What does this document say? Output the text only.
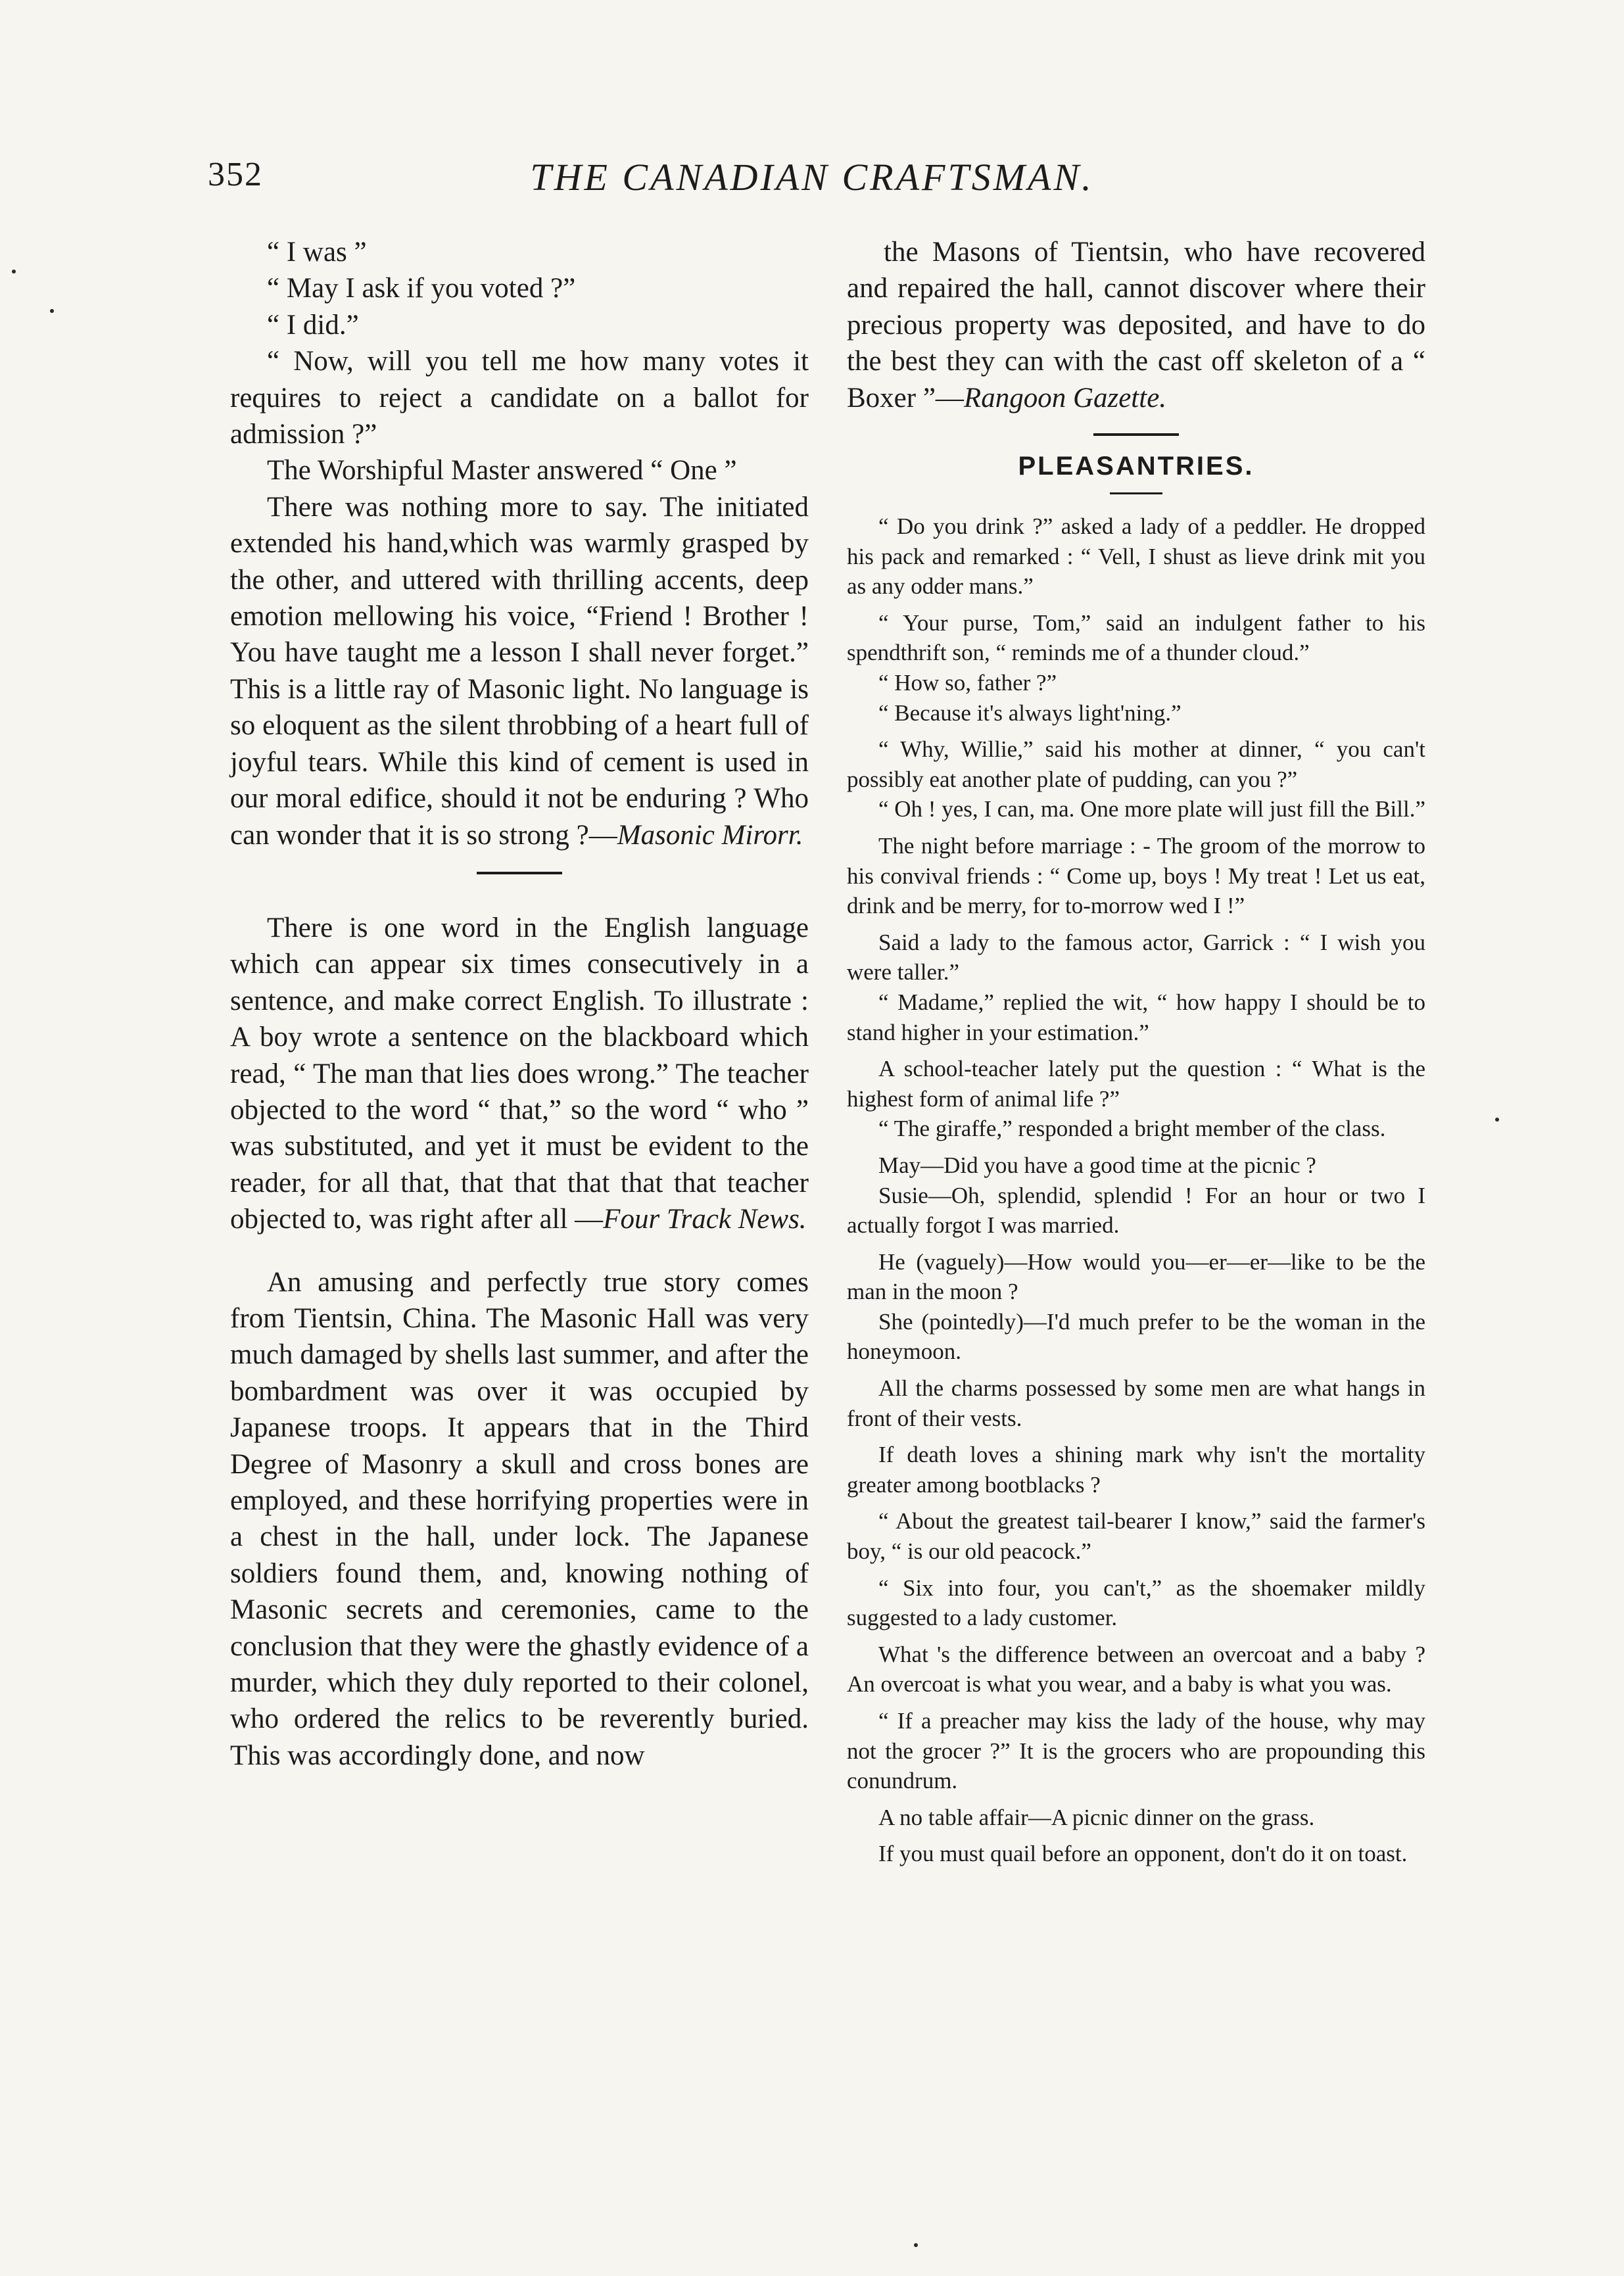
352	THE CANADIAN CRAFTSMAN.

“ I was ”

“ May I ask if you voted ?”

“ I did.”

“ Now, will you tell me how many votes it requires to reject a candidate on a ballot for admission ?”

The Worshipful Master answered “ One ”

There was nothing more to say. The initiated extended his hand,which was warmly grasped by the other, and uttered with thrilling accents, deep emotion mellowing his voice, “Friend ! Brother ! You have taught me a lesson I shall never forget.” This is a little ray of Masonic light. No language is so eloquent as the silent throbbing of a heart full of joyful tears. While this kind of cement is used in our moral edifice, should it not be enduring ? Who can wonder that it is so strong ?—Masonic Mirorr.

There is one word in the English language which can appear six times consecutively in a sentence, and make correct English. To illustrate : A boy wrote a sentence on the blackboard which read, “ The man that lies does wrong.” The teacher objected to the word “ that,” so the word “ who ” was substituted, and yet it must be evident to the reader, for all that, that that that that that teacher objected to, was right after all —Four Track News.

An amusing and perfectly true story comes from Tientsin, China. The Masonic Hall was very much damaged by shells last summer, and after the bombardment was over it was occupied by Japanese troops. It appears that in the Third Degree of Masonry a skull and cross bones are employed, and these horrifying properties were in a chest in the hall, under lock. The Japanese soldiers found them, and, knowing nothing of Masonic secrets and ceremonies, came to the conclusion that they were the ghastly evidence of a murder, which they duly reported to their colonel, who ordered the relics to be reverently buried. This was accordingly done, and now

the Masons of Tientsin, who have recovered and repaired the hall, cannot discover where their precious property was deposited, and have to do the best they can with the cast off skeleton of a “ Boxer ”—Rangoon Gazette.

PLEASANTRIES.

“ Do you drink ?” asked a lady of a peddler. He dropped his pack and remarked : “ Vell, I shust as lieve drink mit you as any odder mans.”

“ Your purse, Tom,” said an indulgent father to his spendthrift son, “ reminds me of a thunder cloud.”

“ How so, father ?”

“ Because it's always light'ning.”

“ Why, Willie,” said his mother at dinner, “ you can't possibly eat another plate of pudding, can you ?”

“ Oh ! yes, I can, ma. One more plate will just fill the Bill.”

The night before marriage : - The groom of the morrow to his convival friends : “ Come up, boys ! My treat ! Let us eat, drink and be merry, for to-morrow wed I !”

Said a lady to the famous actor, Garrick : “ I wish you were taller.”

“ Madame,” replied the wit, “ how happy I should be to stand higher in your estimation.”

A school-teacher lately put the question : “ What is the highest form of animal life ?”

“ The giraffe,” responded a bright member of the class.

May—Did you have a good time at the picnic ?

Susie—Oh, splendid, splendid ! For an hour or two I actually forgot I was married.

He (vaguely)—How would you—er—er—like to be the man in the moon ?

She (pointedly)—I'd much prefer to be the woman in the honeymoon.

All the charms possessed by some men are what hangs in front of their vests.

If death loves a shining mark why isn't the mortality greater among bootblacks ?

“ About the greatest tail-bearer I know,” said the farmer's boy, “ is our old peacock.”

“ Six into four, you can't,” as the shoemaker mildly suggested to a lady customer.

What 's the difference between an overcoat and a baby ? An overcoat is what you wear, and a baby is what you was.

“ If a preacher may kiss the lady of the house, why may not the grocer ?” It is the grocers who are propounding this conundrum.

A no table affair—A picnic dinner on the grass.

If you must quail before an opponent, don't do it on toast.
